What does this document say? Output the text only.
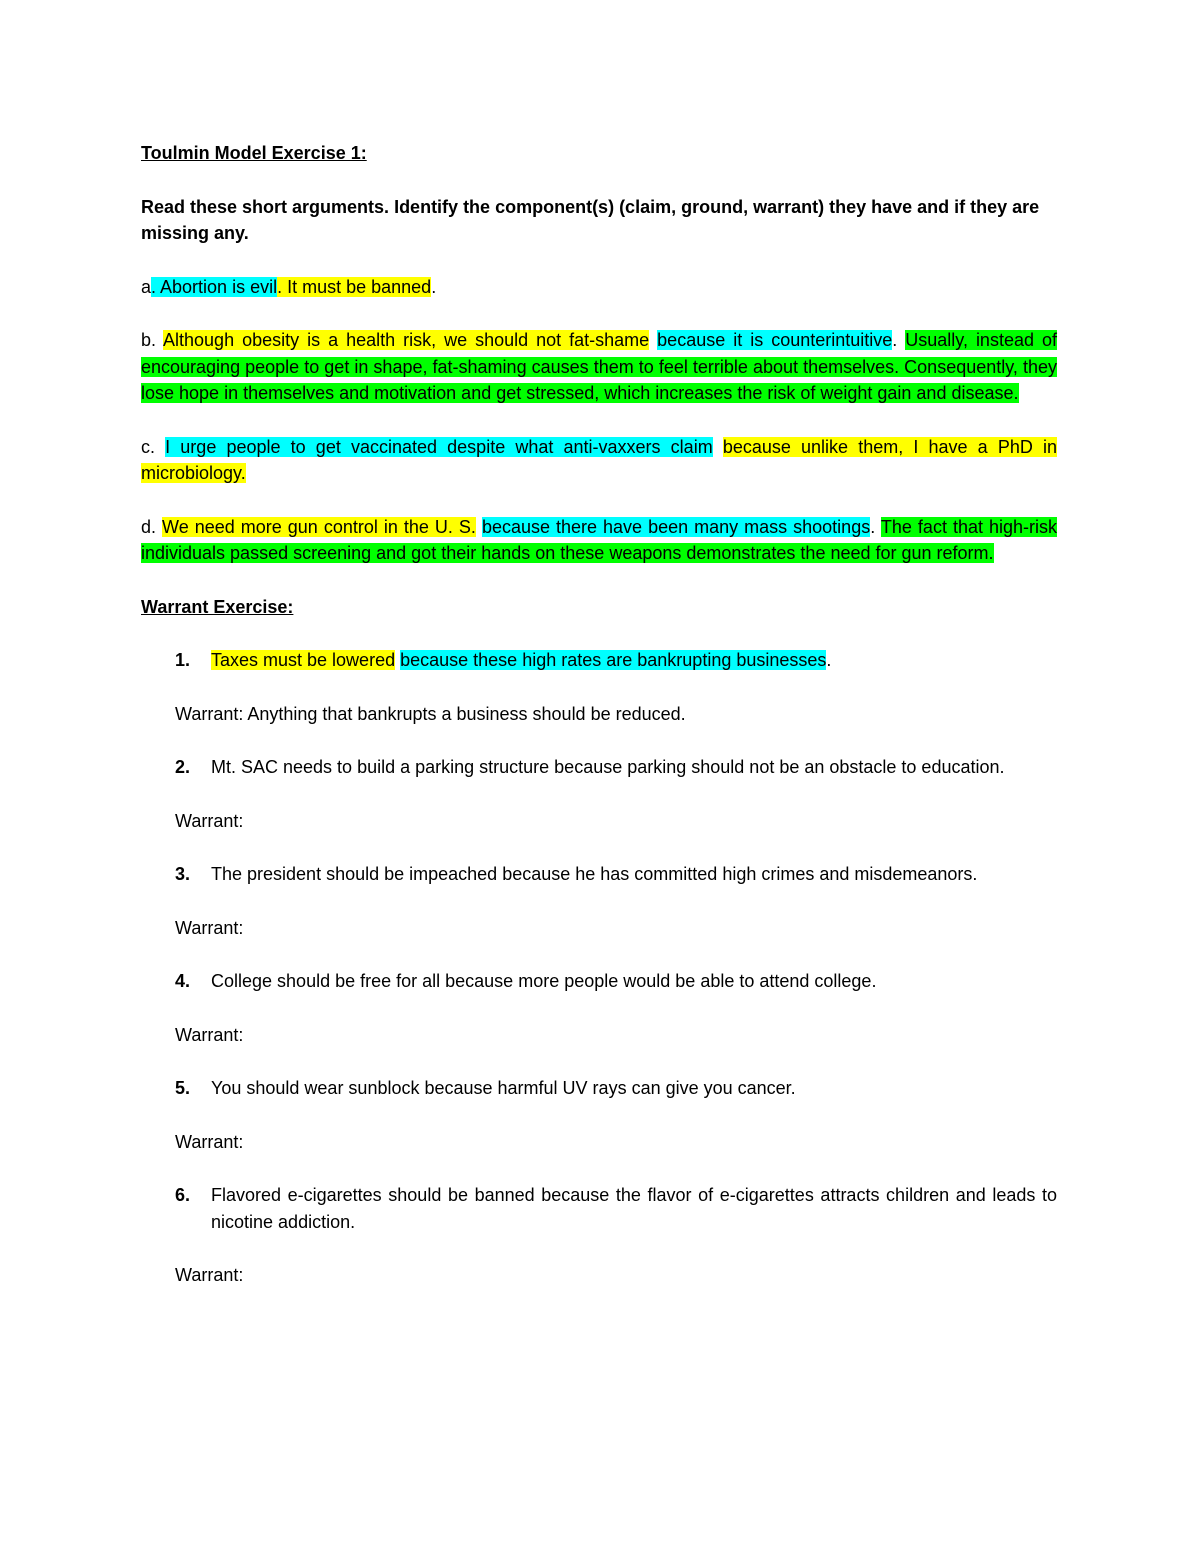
Toulmin Model Exercise 1:
Read these short arguments. Identify the component(s) (claim, ground, warrant) they have and if they are missing any.
a. Abortion is evil. It must be banned.
b. Although obesity is a health risk, we should not fat-shame because it is counterintuitive. Usually, instead of encouraging people to get in shape, fat-shaming causes them to feel terrible about themselves. Consequently, they lose hope in themselves and motivation and get stressed, which increases the risk of weight gain and disease.
c. I urge people to get vaccinated despite what anti-vaxxers claim because unlike them, I have a PhD in microbiology.
d. We need more gun control in the U. S. because there have been many mass shootings. The fact that high-risk individuals passed screening and got their hands on these weapons demonstrates the need for gun reform.
Warrant Exercise:
1.	Taxes must be lowered because these high rates are bankrupting businesses.
Warrant: Anything that bankrupts a business should be reduced.
2.	Mt. SAC needs to build a parking structure because parking should not be an obstacle to education.
Warrant:
3.	The president should be impeached because he has committed high crimes and misdemeanors.
Warrant:
4.	College should be free for all because more people would be able to attend college.
Warrant:
5.	You should wear sunblock because harmful UV rays can give you cancer.
Warrant:
6.	Flavored e-cigarettes should be banned because the flavor of e-cigarettes attracts children and leads to nicotine addiction.
Warrant:
